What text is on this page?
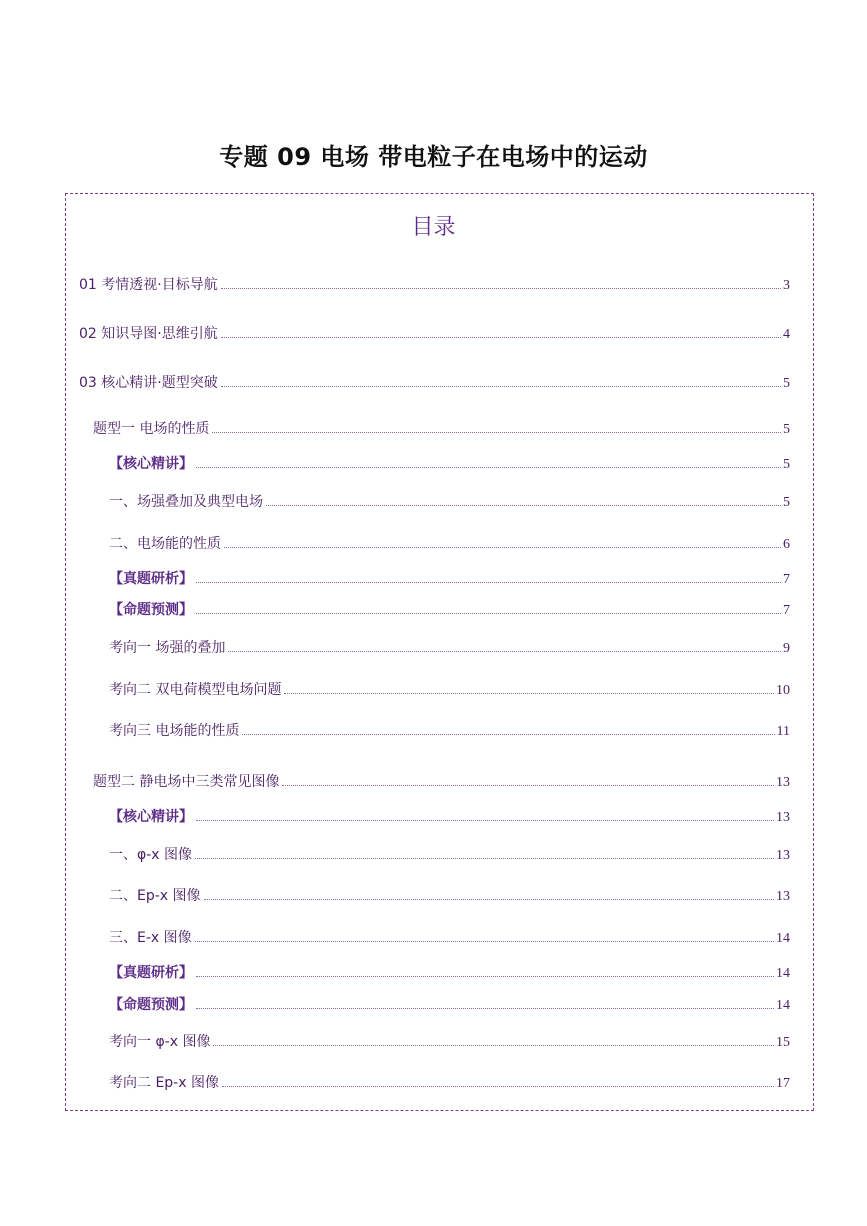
专题 09 电场 带电粒子在电场中的运动
目录
01 考情透视·目标导航	3
02 知识导图·思维引航	4
03 核心精讲·题型突破	5
题型一 电场的性质	5
【核心精讲】	5
一、场强叠加及典型电场	5
二、电场能的性质	6
【真题研析】	7
【命题预测】	7
考向一 场强的叠加	9
考向二 双电荷模型电场问题	10
考向三 电场能的性质	11
题型二 静电场中三类常见图像	13
【核心精讲】	13
一、φ-x 图像	13
二、Ep-x 图像	13
三、E-x 图像	14
【真题研析】	14
【命题预测】	14
考向一 φ-x 图像	15
考向二 Ep-x 图像	17
